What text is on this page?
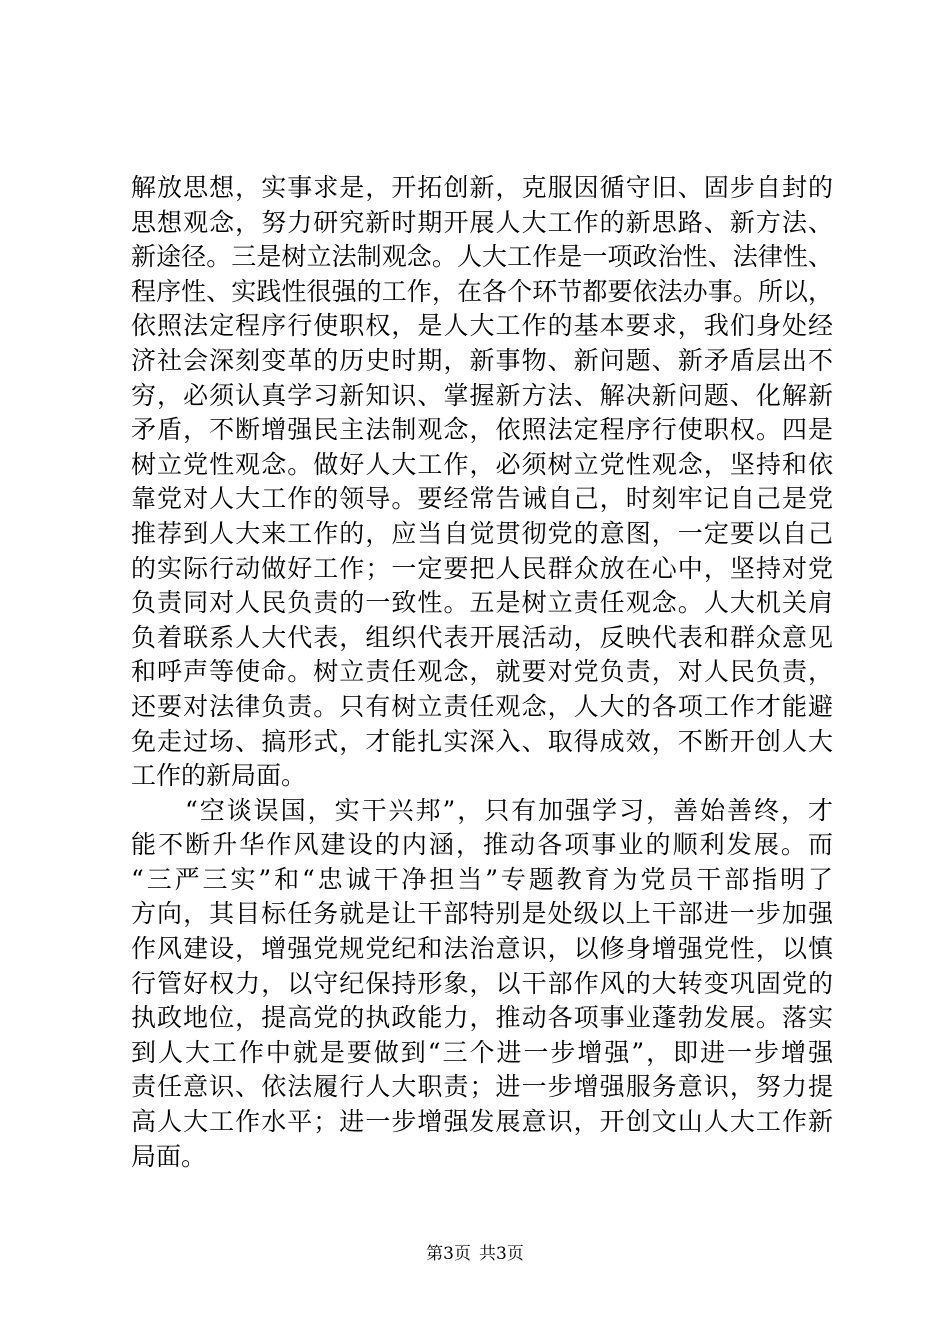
解放思想，实事求是，开拓创新，克服因循守旧、固步自封的
思想观念，努力研究新时期开展人大工作的新思路、新方法、
新途径。三是树立法制观念。人大工作是一项政治性、法律性、
程序性、实践性很强的工作，在各个环节都要依法办事。所以，
依照法定程序行使职权，是人大工作的基本要求，我们身处经
济社会深刻变革的历史时期，新事物、新问题、新矛盾层出不
穷，必须认真学习新知识、掌握新方法、解决新问题、化解新
矛盾，不断增强民主法制观念，依照法定程序行使职权。四是
树立党性观念。做好人大工作，必须树立党性观念，坚持和依
靠党对人大工作的领导。要经常告诫自己，时刻牢记自己是党
推荐到人大来工作的，应当自觉贯彻党的意图，一定要以自己
的实际行动做好工作；一定要把人民群众放在心中，坚持对党
负责同对人民负责的一致性。五是树立责任观念。人大机关肩
负着联系人大代表，组织代表开展活动，反映代表和群众意见
和呼声等使命。树立责任观念，就要对党负责，对人民负责，
还要对法律负责。只有树立责任观念，人大的各项工作才能避
免走过场、搞形式，才能扎实深入、取得成效，不断开创人大
工作的新局面。
　　“空谈误国，实干兴邦”，只有加强学习，善始善终，才
能不断升华作风建设的内涵，推动各项事业的顺利发展。而
“三严三实”和“忠诚干净担当”专题教育为党员干部指明了
方向，其目标任务就是让干部特别是处级以上干部进一步加强
作风建设，增强党规党纪和法治意识，以修身增强党性，以慎
行管好权力，以守纪保持形象，以干部作风的大转变巩固党的
执政地位，提高党的执政能力，推动各项事业蓬勃发展。落实
到人大工作中就是要做到“三个进一步增强”，即进一步增强
责任意识、依法履行人大职责；进一步增强服务意识，努力提
高人大工作水平；进一步增强发展意识，开创文山人大工作新
局面。
第3页 共3页
